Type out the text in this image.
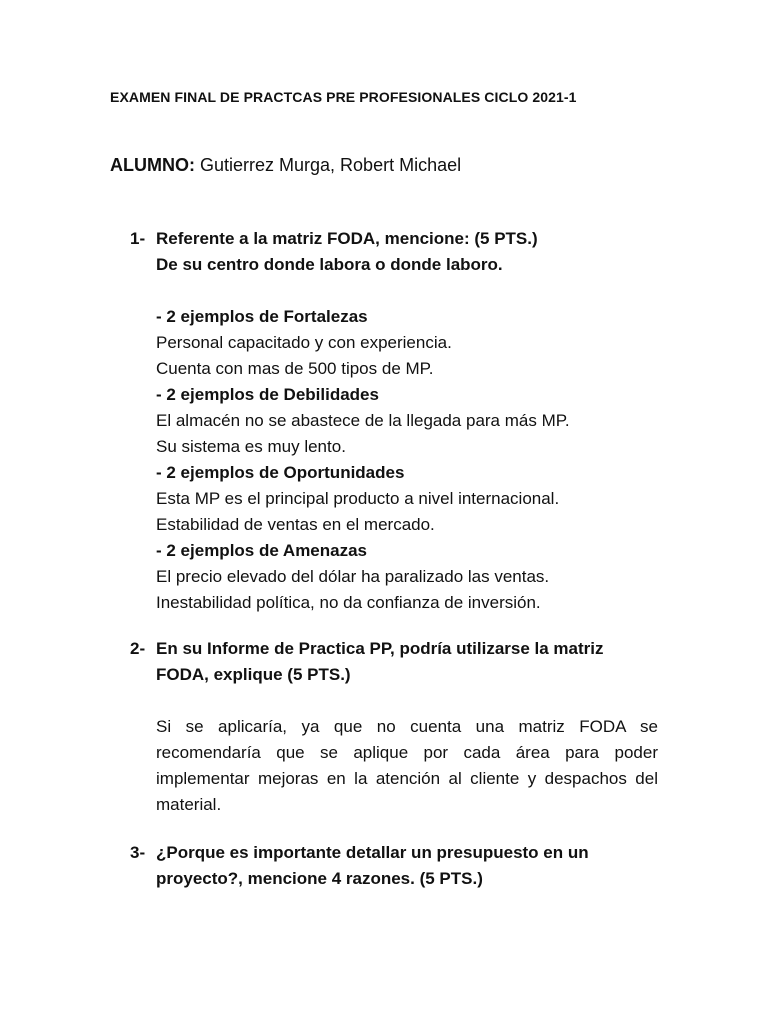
EXAMEN FINAL DE PRACTCAS PRE PROFESIONALES CICLO 2021-1
ALUMNO: Gutierrez Murga, Robert Michael
1- Referente a la matriz FODA, mencione: (5 PTS.)
De su centro donde labora o donde laboro.
- 2 ejemplos de Fortalezas
Personal capacitado y con experiencia.
Cuenta con mas de 500 tipos de MP.
- 2 ejemplos de Debilidades
El almacén no se abastece de la llegada para más MP.
Su sistema es muy lento.
- 2 ejemplos de Oportunidades
Esta MP es el principal producto a nivel internacional.
Estabilidad de ventas en el mercado.
- 2 ejemplos de Amenazas
El precio elevado del dólar ha paralizado las ventas.
Inestabilidad política, no da confianza de inversión.
2- En su Informe de Practica PP, podría utilizarse la matriz
FODA, explique (5 PTS.)
Si se aplicaría, ya que no cuenta una matriz FODA se recomendaría que se aplique por cada área para poder implementar mejoras en la atención al cliente y despachos del material.
3- ¿Porque es importante detallar un presupuesto en un
proyecto?, mencione 4 razones. (5 PTS.)
